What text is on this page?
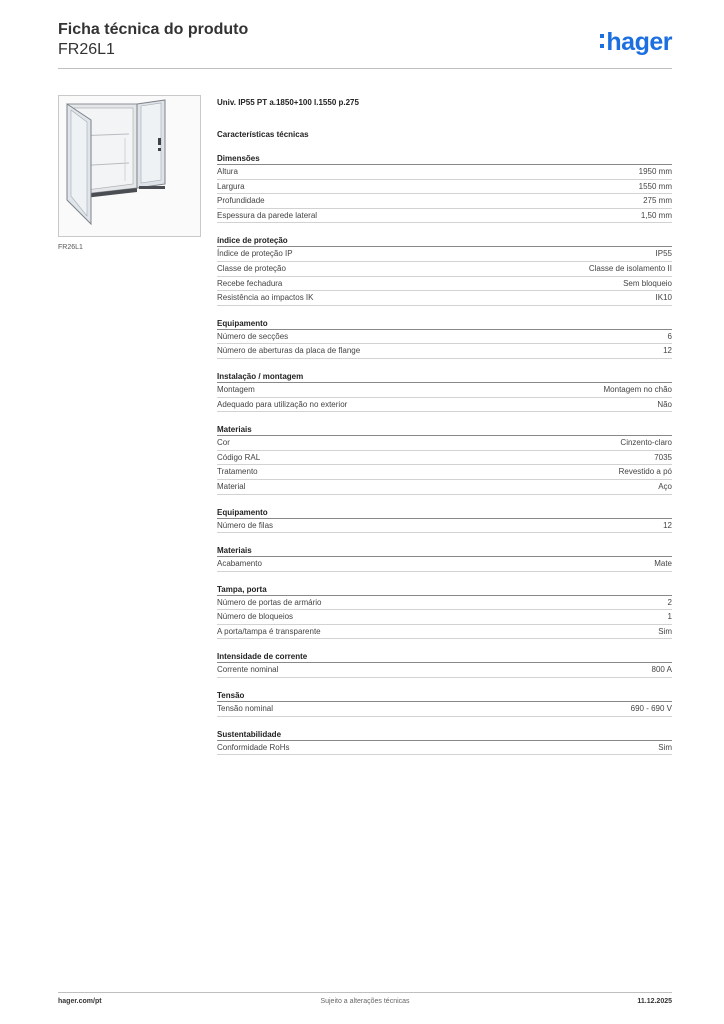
Ficha técnica do produto
FR26L1	hager
FR26L1
Univ. IP55 PT a.1850+100 l.1550 p.275
Características técnicas
Dimensões
Altura	1950 mm
Largura	1550 mm
Profundidade	275 mm
Espessura da parede lateral	1,50 mm
índice de proteção
Índice de proteção IP	IP55
Classe de proteção	Classe de isolamento II
Recebe fechadura	Sem bloqueio
Resistência ao impactos IK	IK10
Equipamento
Número de secções	6
Número de aberturas da placa de flange	12
Instalação / montagem
Montagem	Montagem no chão
Adequado para utilização no exterior	Não
Materiais
Cor	Cinzento-claro
Código RAL	7035
Tratamento	Revestido a pó
Material	Aço
Equipamento
Número de filas	12
Materiais
Acabamento	Mate
Tampa, porta
Número de portas de armário	2
Número de bloqueios	1
A porta/tampa é transparente	Sim
Intensidade de corrente
Corrente nominal	800 A
Tensão
Tensão nominal	690 - 690 V
Sustentabilidade
Conformidade RoHs	Sim
Sujeito a alterações técnicas
hager.com/pt	11.12.2025
